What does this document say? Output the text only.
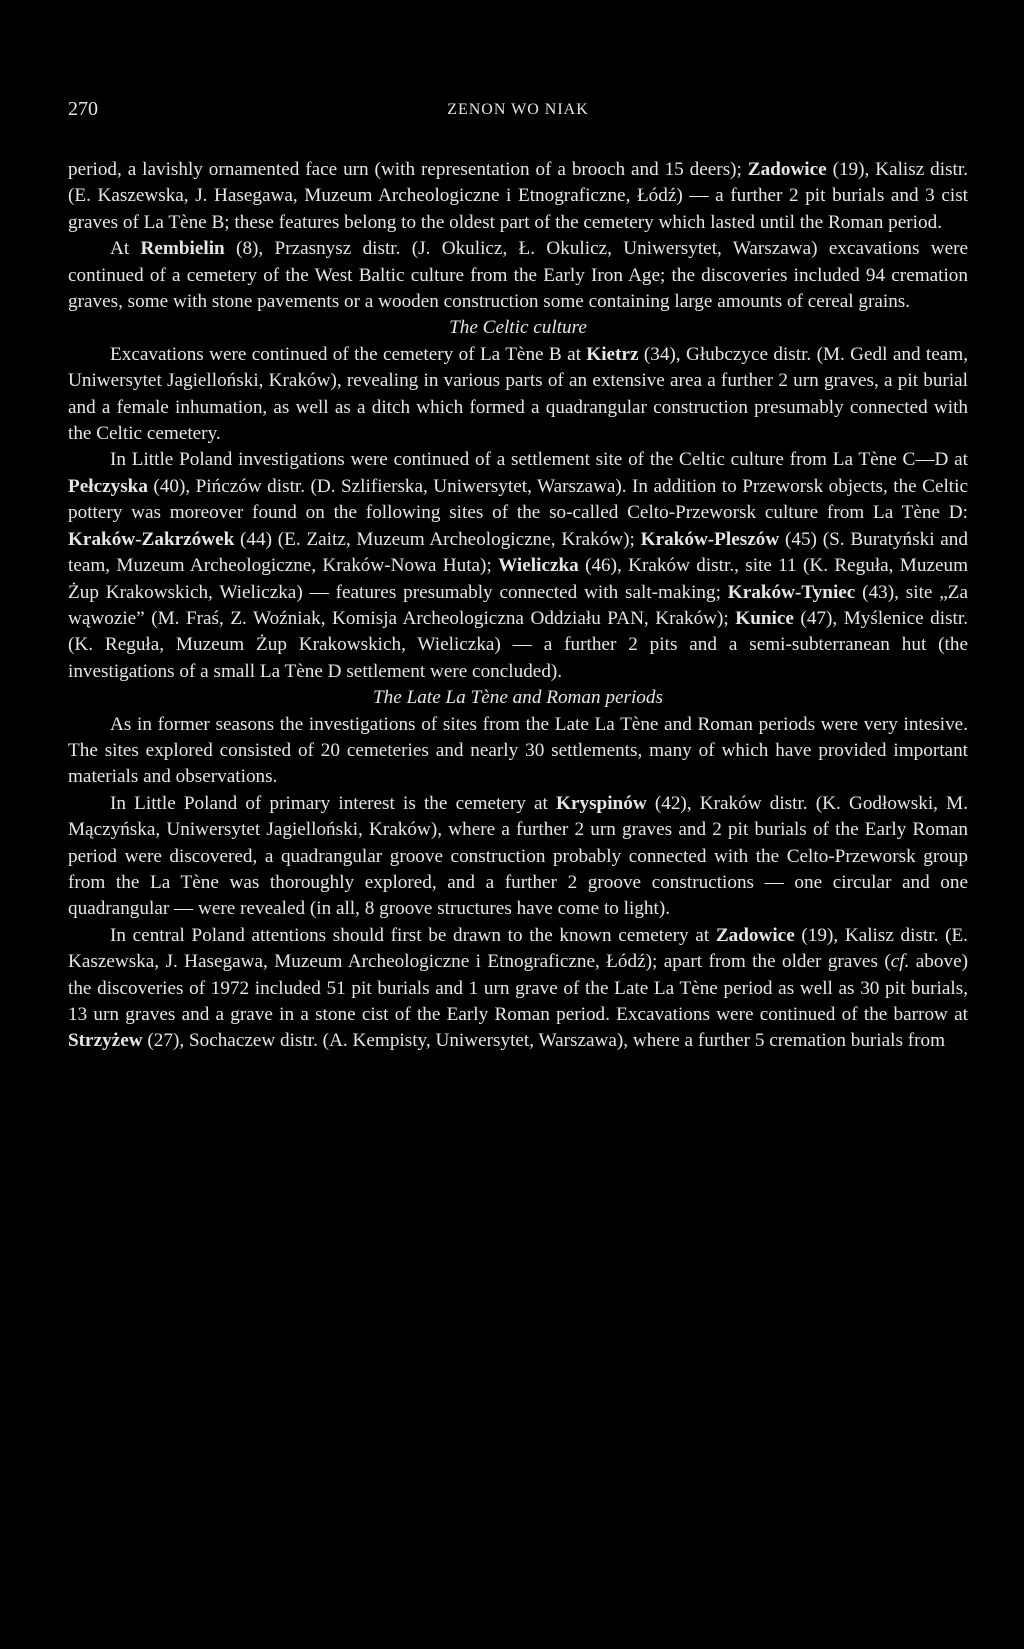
270	ZENON WO NIAK

period, a lavishly ornamented face urn (with representation of a brooch and 15 deers); Zadowice (19), Kalisz distr. (E. Kaszewska, J. Hasegawa, Muzeum Archeologiczne i Etnograficzne, Łódź) — a further 2 pit burials and 3 cist graves of La Tène B; these features belong to the oldest part of the cemetery which lasted until the Roman period.

At Rembielin (8), Przasnysz distr. (J. Okulicz, Ł. Okulicz, Uniwersytet, Warszawa) excavations were continued of a cemetery of the West Baltic culture from the Early Iron Age; the discoveries included 94 cremation graves, some with stone pavements or a wooden construction some containing large amounts of cereal grains.

The Celtic culture

Excavations were continued of the cemetery of La Tène B at Kietrz (34), Głubczyce distr. (M. Gedl and team, Uniwersytet Jagielloński, Kraków), revealing in various parts of an extensive area a further 2 urn graves, a pit burial and a female inhumation, as well as a ditch which formed a quadrangular construction presumably connected with the Celtic cemetery.

In Little Poland investigations were continued of a settlement site of the Celtic culture from La Tène C—D at Pełczyska (40), Pińczów distr. (D. Szlifierska, Uniwersytet, Warszawa). In addition to Przeworsk objects, the Celtic pottery was moreover found on the following sites of the so-called Celto-Przeworsk culture from La Tène D: Kraków-Zakrzówek (44) (E. Zaitz, Muzeum Archeologiczne, Kraków); Kraków-Pleszów (45) (S. Buratyński and team, Muzeum Archeologiczne, Kraków-Nowa Huta); Wieliczka (46), Kraków distr., site 11 (K. Reguła, Muzeum Żup Krakowskich, Wieliczka) — features presumably connected with salt-making; Kraków-Tyniec (43), site „Za wąwozie” (M. Fraś, Z. Woźniak, Komisja Archeologiczna Oddziału PAN, Kraków); Kunice (47), Myślenice distr. (K. Reguła, Muzeum Żup Krakowskich, Wieliczka) — a further 2 pits and a semi-subterranean hut (the investigations of a small La Tène D settlement were concluded).

The Late La Tène and Roman periods

As in former seasons the investigations of sites from the Late La Tène and Roman periods were very intesive. The sites explored consisted of 20 cemeteries and nearly 30 settlements, many of which have provided important materials and observations.

In Little Poland of primary interest is the cemetery at Kryspinów (42), Kraków distr. (K. Godłowski, M. Mączyńska, Uniwersytet Jagielloński, Kraków), where a further 2 urn graves and 2 pit burials of the Early Roman period were discovered, a quadrangular groove construction probably connected with the Celto-Przeworsk group from the La Tène was thoroughly explored, and a further 2 groove constructions — one circular and one quadrangular — were revealed (in all, 8 groove structures have come to light).

In central Poland attentions should first be drawn to the known cemetery at Zadowice (19), Kalisz distr. (E. Kaszewska, J. Hasegawa, Muzeum Archeologiczne i Etnograficzne, Łódź); apart from the older graves (cf. above) the discoveries of 1972 included 51 pit burials and 1 urn grave of the Late La Tène period as well as 30 pit burials, 13 urn graves and a grave in a stone cist of the Early Roman period. Excavations were continued of the barrow at Strzyżew (27), Sochaczew distr. (A. Kempisty, Uniwersytet, Warszawa), where a further 5 cremation burials from
